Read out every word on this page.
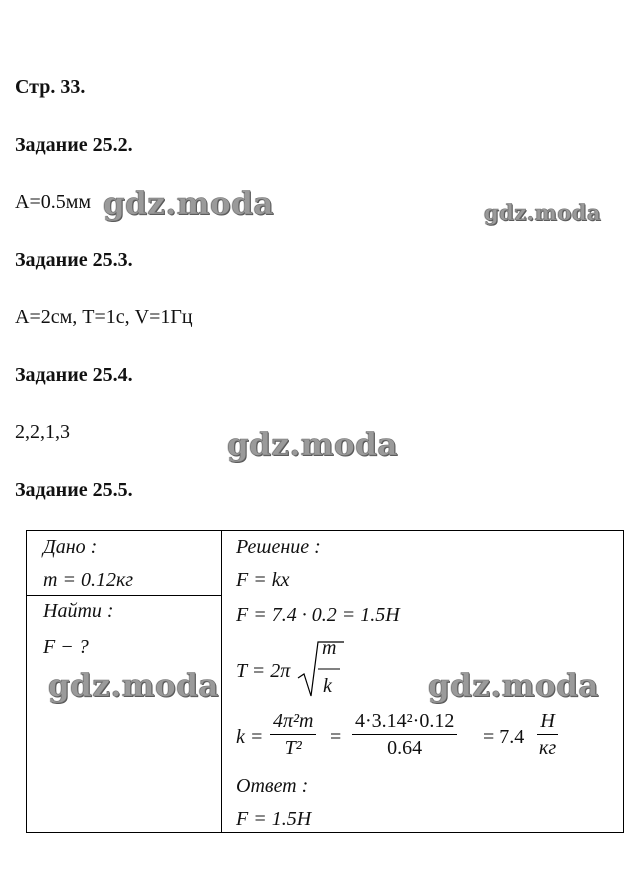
Стр. 33.
Задание 25.2.
A=0.5мм
Задание 25.3.
A=2см, T=1с, V=1Гц
Задание 25.4.
2,2,1,3
Задание 25.5.
Дано :
m = 0.12кг
Найти :
F − ?
Решение :
F = kx
F = 7.4 · 0.2 = 1.5H
T = 2π
m
k
$k = \frac{\text{4π²m}}{\text{T²}} = \frac{\text{4·3.14²·0.12}}{0.64} = 7.4 \frac{H}{кг}$
Ответ :
F = 1.5H
gdz.moda	gdz.moda
gdz.moda
gdz.moda	gdz.moda
